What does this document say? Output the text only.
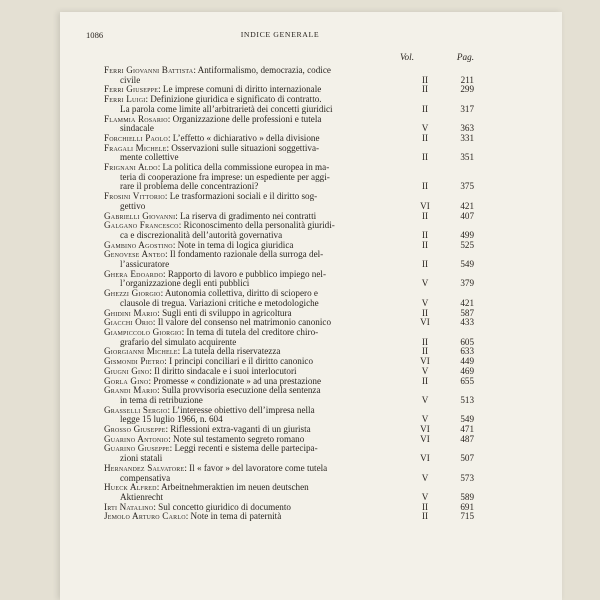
1086	INDICE GENERALE
Vol.	Pag.
Ferri Giovanni Battista: Antiformalismo, democrazia, codice
civile	II	211
Ferri Giuseppe: Le imprese comuni di diritto internazionale	II	299
Ferri Luigi: Definizione giuridica e significato di contratto.
La parola come limite all’arbitrarietà dei concetti giuridici	II	317
Flammia Rosario: Organizzazione delle professioni e tutela
sindacale	V	363
Forchielli Paolo: L’effetto « dichiarativo » della divisione	II	331
Fragali Michele: Osservazioni sulle situazioni soggettiva-
mente collettive	II	351
Frignani Aldo: La politica della commissione europea in ma-
teria di cooperazione fra imprese: un espediente per aggi-
rare il problema delle concentrazioni?	II	375
Frosini Vittorio: Le trasformazioni sociali e il diritto sog-
gettivo	VI	421
Gabrielli Giovanni: La riserva di gradimento nei contratti	II	407
Galgano Francesco: Riconoscimento della personalità giuridi-
ca e discrezionalità dell’autorità governativa	II	499
Gambino Agostino: Note in tema di logica giuridica	II	525
Genovese Anteo: Il fondamento razionale della surroga del-
l’assicuratore	II	549
Ghera Edoardo: Rapporto di lavoro e pubblico impiego nel-
l’organizzazione degli enti pubblici	V	379
Ghezzi Giorgio: Autonomia collettiva, diritto di sciopero e
clausole di tregua. Variazioni critiche e metodologiche	V	421
Ghidini Mario: Sugli enti di sviluppo in agricoltura	II	587
Giacchi Orio: Il valore del consenso nel matrimonio canonico	VI	433
Giampiccolo Giorgio: In tema di tutela del creditore chiro-
grafario del simulato acquirente	II	605
Giorgianni Michele: La tutela della riservatezza	II	633
Gismondi Pietro: I principi conciliari e il diritto canonico	VI	449
Giugni Gino: Il diritto sindacale e i suoi interlocutori	V	469
Gorla Gino: Promesse « condizionate » ad una prestazione	II	655
Grandi Mario: Sulla provvisoria esecuzione della sentenza
in tema di retribuzione	V	513
Grasselli Sergio: L’interesse obiettivo dell’impresa nella
legge 15 luglio 1966, n. 604	V	549
Grosso Giuseppe: Riflessioni extra-vaganti di un giurista	VI	471
Guarino Antonio: Note sul testamento segreto romano	VI	487
Guarino Giuseppe: Leggi recenti e sistema delle partecipa-
zioni statali	VI	507
Hernandez Salvatore: Il « favor » del lavoratore come tutela
compensativa	V	573
Hueck Alfred: Arbeitnehmeraktien im neuen deutschen
Aktienrecht	V	589
Irti Natalino: Sul concetto giuridico di documento	II	691
Jemolo Arturo Carlo: Note in tema di paternità	II	715
